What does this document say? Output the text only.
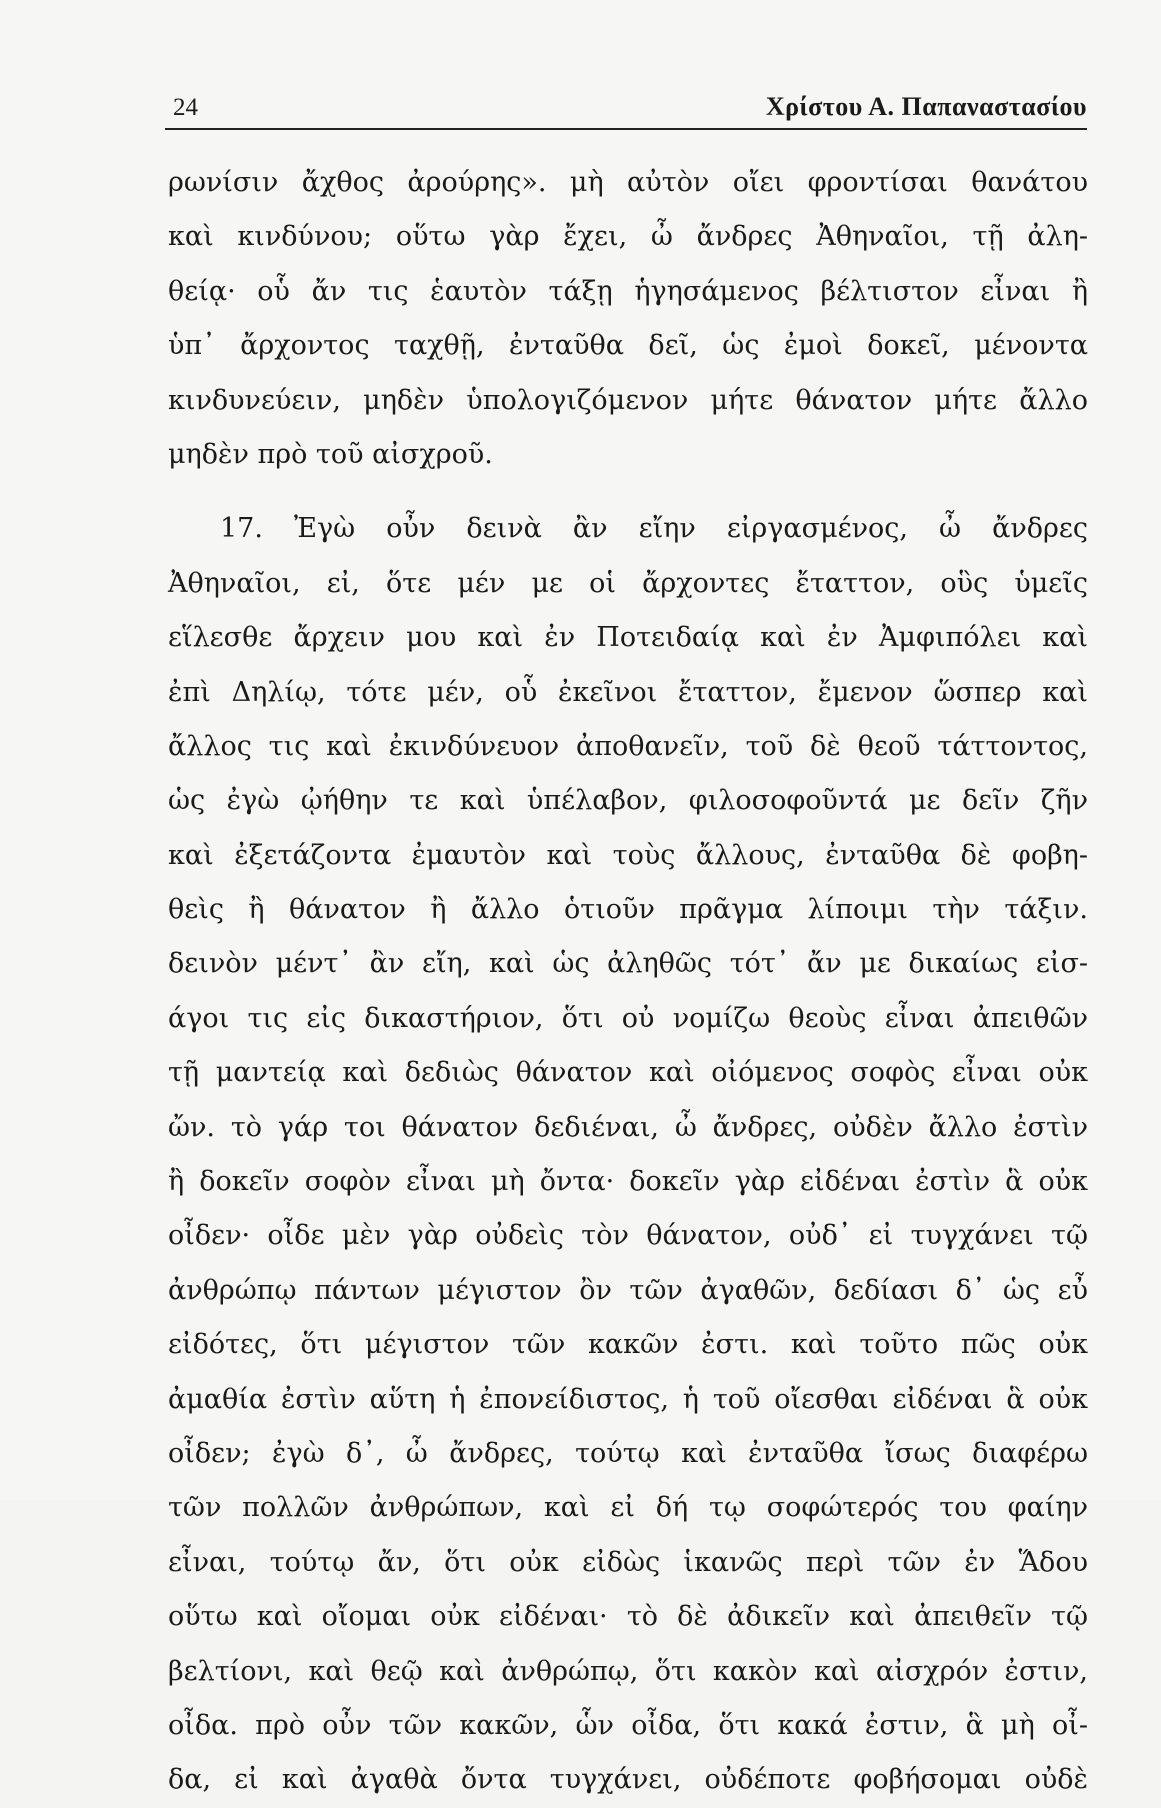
24	Χρίστου Α. Παπαναστασίου
ρωνίσιν ἄχθος ἀρούρης». μὴ αὐτὸν οἴει φροντίσαι θανάτου
καὶ κινδύνου; οὕτω γὰρ ἔχει, ὦ ἄνδρες Ἀθηναῖοι, τῇ ἀλη-
θείᾳ· οὗ ἄν τις ἑαυτὸν τάξῃ ἡγησάμενος βέλτιστον εἶναι ἢ
ὑπ᾽ ἄρχοντος ταχθῇ, ἐνταῦθα δεῖ, ὡς ἐμοὶ δοκεῖ, μένοντα
κινδυνεύειν, μηδὲν ὑπολογιζόμενον μήτε θάνατον μήτε ἄλλο
μηδὲν πρὸ τοῦ αἰσχροῦ.
17. Ἐγὼ οὖν δεινὰ ἂν εἴην εἰργασμένος, ὦ ἄνδρες
Ἀθηναῖοι, εἰ, ὅτε μέν με οἱ ἄρχοντες ἔταττον, οὓς ὑμεῖς
εἵλεσθε ἄρχειν μου καὶ ἐν Ποτειδαίᾳ καὶ ἐν Ἀμφιπόλει καὶ
ἐπὶ Δηλίῳ, τότε μέν, οὗ ἐκεῖνοι ἔταττον, ἔμενον ὥσπερ καὶ
ἄλλος τις καὶ ἐκινδύνευον ἀποθανεῖν, τοῦ δὲ θεοῦ τάττοντος,
ὡς ἐγὼ ᾠήθην τε καὶ ὑπέλαβον, φιλοσοφοῦντά με δεῖν ζῆν
καὶ ἐξετάζοντα ἐμαυτὸν καὶ τοὺς ἄλλους, ἐνταῦθα δὲ φοβη-
θεὶς ἢ θάνατον ἢ ἄλλο ὁτιοῦν πρᾶγμα λίποιμι τὴν τάξιν.
δεινὸν μέντ᾽ ἂν εἴη, καὶ ὡς ἀληθῶς τότ᾽ ἄν με δικαίως εἰσ-
άγοι τις εἰς δικαστήριον, ὅτι οὐ νομίζω θεοὺς εἶναι ἀπειθῶν
τῇ μαντείᾳ καὶ δεδιὼς θάνατον καὶ οἰόμενος σοφὸς εἶναι οὐκ
ὤν. τὸ γάρ τοι θάνατον δεδιέναι, ὦ ἄνδρες, οὐδὲν ἄλλο ἐστὶν
ἢ δοκεῖν σοφὸν εἶναι μὴ ὄντα· δοκεῖν γὰρ εἰδέναι ἐστὶν ἃ οὐκ
οἶδεν· οἶδε μὲν γὰρ οὐδεὶς τὸν θάνατον, οὐδ᾽ εἰ τυγχάνει τῷ
ἀνθρώπῳ πάντων μέγιστον ὂν τῶν ἀγαθῶν, δεδίασι δ᾽ ὡς εὖ
εἰδότες, ὅτι μέγιστον τῶν κακῶν ἐστι. καὶ τοῦτο πῶς οὐκ
ἀμαθία ἐστὶν αὕτη ἡ ἐπονείδιστος, ἡ τοῦ οἴεσθαι εἰδέναι ἃ οὐκ
οἶδεν; ἐγὼ δ᾽, ὦ ἄνδρες, τούτῳ καὶ ἐνταῦθα ἴσως διαφέρω
τῶν πολλῶν ἀνθρώπων, καὶ εἰ δή τῳ σοφώτερός του φαίην
εἶναι, τούτῳ ἄν, ὅτι οὐκ εἰδὼς ἱκανῶς περὶ τῶν ἐν Ἅδου
οὕτω καὶ οἴομαι οὐκ εἰδέναι· τὸ δὲ ἀδικεῖν καὶ ἀπειθεῖν τῷ
βελτίονι, καὶ θεῷ καὶ ἀνθρώπῳ, ὅτι κακὸν καὶ αἰσχρόν ἐστιν,
οἶδα. πρὸ οὖν τῶν κακῶν, ὧν οἶδα, ὅτι κακά ἐστιν, ἃ μὴ οἶ-
δα, εἰ καὶ ἀγαθὰ ὄντα τυγχάνει, οὐδέποτε φοβήσομαι οὐδὲ
